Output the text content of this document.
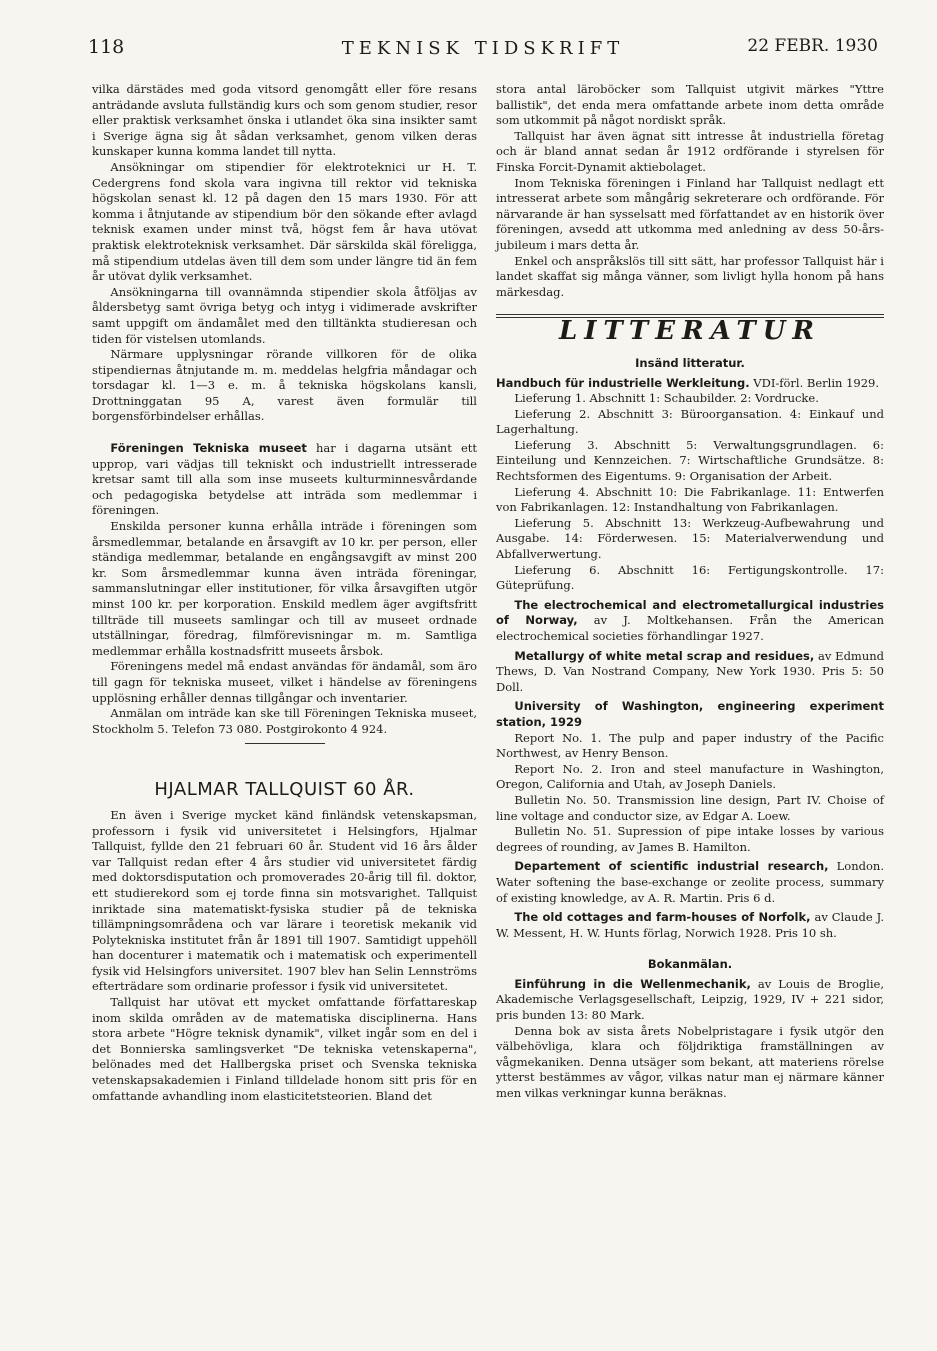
118	TEKNISK TIDSKRIFT	22 FEBR. 1930

vilka därstädes med goda vitsord genomgått eller före resans anträdande avsluta fullständig kurs och som genom studier, resor eller praktisk verksamhet önska i utlandet öka sina insikter samt i Sverige ägna sig åt sådan verksamhet, genom vilken deras kunskaper kunna komma landet till nytta.

Ansökningar om stipendier för elektroteknici ur H. T. Cedergrens fond skola vara ingivna till rektor vid tekniska högskolan senast kl. 12 på dagen den 15 mars 1930. För att komma i åtnjutande av stipendium bör den sökande efter avlagd teknisk examen under minst två, högst fem år hava utövat praktisk elektroteknisk verksamhet. Där särskilda skäl föreligga, må stipendium utdelas även till dem som under längre tid än fem år utövat dylik verksamhet.

Ansökningarna till ovannämnda stipendier skola åtföljas av åldersbetyg samt övriga betyg och intyg i vidimerade avskrifter samt uppgift om ändamålet med den tilltänkta studieresan och tiden för vistelsen utomlands.

Närmare upplysningar rörande villkoren för de olika stipendiernas åtnjutande m. m. meddelas helgfria måndagar och torsdagar kl. 1—3 e. m. å tekniska högskolans kansli, Drottninggatan 95 A, varest även formulär till borgensförbindelser erhållas.

Föreningen Tekniska museet har i dagarna utsänt ett upprop, vari vädjas till tekniskt och industriellt intresserade kretsar samt till alla som inse museets kulturminnesvårdande och pedagogiska betydelse att inträda som medlemmar i föreningen.

Enskilda personer kunna erhålla inträde i föreningen som årsmedlemmar, betalande en årsavgift av 10 kr. per person, eller ständiga medlemmar, betalande en engångsavgift av minst 200 kr. Som årsmedlemmar kunna även inträda föreningar, sammanslutningar eller institutioner, för vilka årsavgiften utgör minst 100 kr. per korporation. Enskild medlem äger avgiftsfritt tillträde till museets samlingar och till av museet ordnade utställningar, föredrag, filmförevisningar m. m. Samtliga medlemmar erhålla kostnadsfritt museets årsbok.

Föreningens medel må endast användas för ändamål, som äro till gagn för tekniska museet, vilket i händelse av föreningens upplösning erhåller dennas tillgångar och inventarier.

Anmälan om inträde kan ske till Föreningen Tekniska museet, Stockholm 5. Telefon 73 080. Postgirokonto 4 924.

HJALMAR TALLQUIST 60 ÅR.

En även i Sverige mycket känd finländsk vetenskapsman, professorn i fysik vid universitetet i Helsingfors, Hjalmar Tallquist, fyllde den 21 februari 60 år. Student vid 16 års ålder var Tallquist redan efter 4 års studier vid universitetet färdig med doktorsdisputation och promoverades 20-årig till fil. doktor, ett studierekord som ej torde finna sin motsvarighet. Tallquist inriktade sina matematiskt-fysiska studier på de tekniska tillämpningsområdena och var lärare i teoretisk mekanik vid Polytekniska institutet från år 1891 till 1907. Samtidigt uppehöll han docenturer i matematik och i matematisk och experimentell fysik vid Helsingfors universitet. 1907 blev han Selin Lennströms efterträdare som ordinarie professor i fysik vid universitetet.

Tallquist har utövat ett mycket omfattande författareskap inom skilda områden av de matematiska disciplinerna. Hans stora arbete "Högre teknisk dynamik", vilket ingår som en del i det Bonnierska samlingsverket "De tekniska vetenskaperna", belönades med det Hallbergska priset och Svenska tekniska vetenskapsakademien i Finland tilldelade honom sitt pris för en omfattande avhandling inom elasticitetsteorien. Bland det

stora antal läroböcker som Tallquist utgivit märkes "Yttre ballistik", det enda mera omfattande arbete inom detta område som utkommit på något nordiskt språk.

Tallquist har även ägnat sitt intresse åt industriella företag och är bland annat sedan år 1912 ordförande i styrelsen för Finska Forcit-Dynamit aktiebolaget.

Inom Tekniska föreningen i Finland har Tallquist nedlagt ett intresserat arbete som mångårig sekreterare och ordförande. För närvarande är han sysselsatt med författandet av en historik över föreningen, avsedd att utkomma med anledning av dess 50-års-jubileum i mars detta år.

Enkel och anspråkslös till sitt sätt, har professor Tallquist här i landet skaffat sig många vänner, som livligt hylla honom på hans märkesdag.

LITTERATUR

Insänd litteratur.

Handbuch für industrielle Werkleitung. VDI-förl. Berlin 1929.

Lieferung 1. Abschnitt 1: Schaubilder. 2: Vordrucke.

Lieferung 2. Abschnitt 3: Büroorgansation. 4: Einkauf und Lagerhaltung.

Lieferung 3. Abschnitt 5: Verwaltungsgrundlagen. 6: Einteilung und Kennzeichen. 7: Wirtschaftliche Grundsätze. 8: Rechtsformen des Eigentums. 9: Organisation der Arbeit.

Lieferung 4. Abschnitt 10: Die Fabrikanlage. 11: Entwerfen von Fabrikanlagen. 12: Instandhaltung von Fabrikanlagen.

Lieferung 5. Abschnitt 13: Werkzeug-Aufbewahrung und Ausgabe. 14: Förderwesen. 15: Materialverwendung und Abfallverwertung.

Lieferung 6. Abschnitt 16: Fertigungskontrolle. 17: Güteprüfung.

The electrochemical and electrometallurgical industries of Norway, av J. Moltkehansen. Från the American electrochemical societies förhandlingar 1927.

Metallurgy of white metal scrap and residues, av Edmund Thews, D. Van Nostrand Company, New York 1930. Pris 5: 50 Doll.

University of Washington, engineering experiment station, 1929

Report No. 1. The pulp and paper industry of the Pacific Northwest, av Henry Benson.

Report No. 2. Iron and steel manufacture in Washington, Oregon, California and Utah, av Joseph Daniels.

Bulletin No. 50. Transmission line design, Part IV. Choise of line voltage and conductor size, av Edgar A. Loew.

Bulletin No. 51. Supression of pipe intake losses by various degrees of rounding, av James B. Hamilton.

Departement of scientific industrial research, London. Water softening the base-exchange or zeolite process, summary of existing knowledge, av A. R. Martin. Pris 6 d.

The old cottages and farm-houses of Norfolk, av Claude J. W. Messent, H. W. Hunts förlag, Norwich 1928. Pris 10 sh.

Bokanmälan.

Einführung in die Wellenmechanik, av Louis de Broglie, Akademische Verlagsgesellschaft, Leipzig, 1929, IV + 221 sidor, pris bunden 13: 80 Mark.

Denna bok av sista årets Nobelpristagare i fysik utgör den välbehövliga, klara och följdriktiga framställningen av vågmekaniken. Denna utsäger som bekant, att materiens rörelse ytterst bestämmes av vågor, vilkas natur man ej närmare känner men vilkas verkningar kunna beräknas.
